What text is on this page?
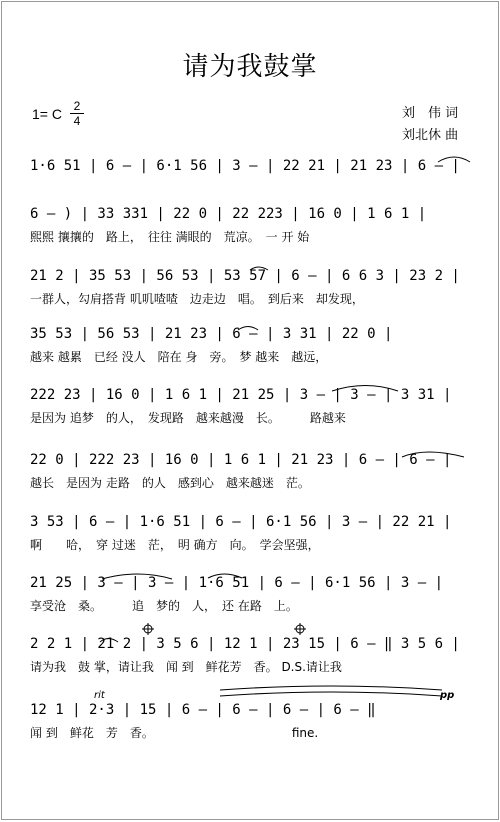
请为我鼓掌
1= C 2
4	刘　伟 词
刘北休 曲
1·6 51 | 6 – | 6·1 56 | 3 – | 22 21 | 21 23 | 6 – |
6 – ) | 33 331 | 22 0 | 22 223 | 16 0 | 1 6 1 |
熙熙 攘攘的　路上，　往往 满眼的　荒凉。　一 开 始
21 2 | 35 53 | 56 53 | 53 57 | 6 – | 6 6 3 | 23 2 |
一群人，勾肩搭背 叽叽喳喳　边走边　唱。　到后来　却发现，
35 53 | 56 53 | 21 23 | 6 – | 3 31 | 22 0 |
越来 越累　已经 没人　陪在 身　旁。　梦 越来　越远，
222 23 | 16 0 | 1 6 1 | 21 25 | 3 – | 3 – | 3 31 |
是因为 追梦　的人，　发现路　越来越漫　长。　　　路越来
22 0 | 222 23 | 16 0 | 1 6 1 | 21 23 | 6 – | 6 – |
越长　是因为 走路　的人　感到心　越来越迷　茫。
3 53 | 6 – | 1·6 51 | 6 – | 6·1 56 | 3 – | 22 21 |
啊　　哈，　穿 过迷　茫，　明 确方　向。　学会坚强，
21 25 | 3 – | 3 – | 1·6 51 | 6 – | 6·1 56 | 3 – |
享受沧　桑。　　　追　梦的　人，　还 在路　上。
2 2 1 | 21 2 | 3 5 6 | 12 1 | 23 15 | 6 – ‖ 3 5 6 |
请为我　鼓 掌，请让我　闻 到　鲜花芳　香。 D.S.请让我
12 1 | 2·3 | 15 | 6 – | 6 – | 6 – | 6 – ‖
闻 到　鲜花　芳　香。　　　　　　　　　　　　fine.
rit	pp
